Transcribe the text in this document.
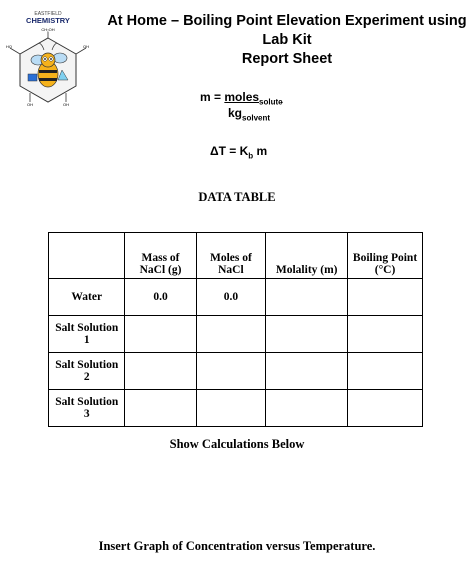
EASTFIELD
CHEMISTRY
CH₂OH
HO	OH
OH	OH
At Home – Boiling Point Elevation Experiment using
Lab Kit
Report Sheet
m = moles$_{solute}$
$kg_{solvent}$
$\Delta T = K_b$ m
DATA TABLE
	Mass of NaCl (g)	Moles of NaCl	Molality (m)	Boiling Point (°C)
Water	0.0	0.0		
Salt Solution 1				
Salt Solution 2				
Salt Solution 3				
Show Calculations Below
Insert Graph of Concentration versus Temperature.
